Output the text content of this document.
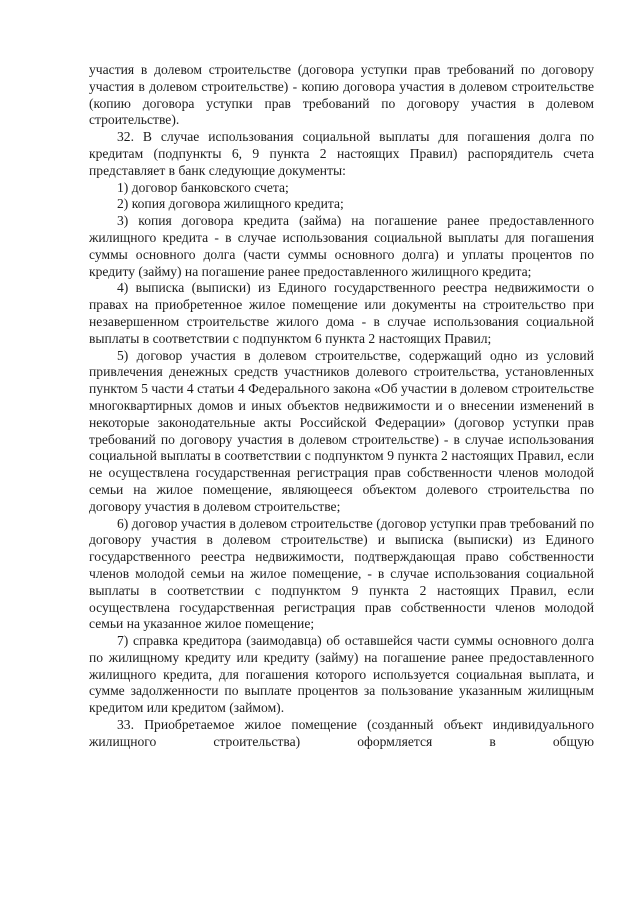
участия в долевом строительстве (договора уступки прав требований по договору участия в долевом строительстве) - копию договора участия в долевом строительстве (копию договора уступки прав требований по договору участия в долевом строительстве).

32. В случае использования социальной выплаты для погашения долга по кредитам (подпункты 6, 9 пункта 2 настоящих Правил) распорядитель счета представляет в банк следующие документы:

1) договор банковского счета;

2) копия договора жилищного кредита;

3) копия договора кредита (займа) на погашение ранее предоставленного жилищного кредита - в случае использования социальной выплаты для погашения суммы основного долга (части суммы основного долга) и уплаты процентов по кредиту (займу) на погашение ранее предоставленного жилищного кредита;

4) выписка (выписки) из Единого государственного реестра недвижимости о правах на приобретенное жилое помещение или документы на строительство при незавершенном строительстве жилого дома - в случае использования социальной выплаты в соответствии с подпунктом 6 пункта 2 настоящих Правил;

5) договор участия в долевом строительстве, содержащий одно из условий привлечения денежных средств участников долевого строительства, установленных пунктом 5 части 4 статьи 4 Федерального закона «Об участии в долевом строительстве многоквартирных домов и иных объектов недвижимости и о внесении изменений в некоторые законодательные акты Российской Федерации» (договор уступки прав требований по договору участия в долевом строительстве) - в случае использования социальной выплаты в соответствии с подпунктом 9 пункта 2 настоящих Правил, если не осуществлена государственная регистрация прав собственности членов молодой семьи на жилое помещение, являющееся объектом долевого строительства по договору участия в долевом строительстве;

6) договор участия в долевом строительстве (договор уступки прав требований по договору участия в долевом строительстве) и выписка (выписки) из Единого государственного реестра недвижимости, подтверждающая право собственности членов молодой семьи на жилое помещение, - в случае использования социальной выплаты в соответствии с подпунктом 9 пункта 2 настоящих Правил, если осуществлена государственная регистрация прав собственности членов молодой семьи на указанное жилое помещение;

7) справка кредитора (заимодавца) об оставшейся части суммы основного долга по жилищному кредиту или кредиту (займу) на погашение ранее предоставленного жилищного кредита, для погашения которого используется социальная выплата, и сумме задолженности по выплате процентов за пользование указанным жилищным кредитом или кредитом (займом).

33. Приобретаемое жилое помещение (созданный объект индивидуального жилищного строительства) оформляется в общую
